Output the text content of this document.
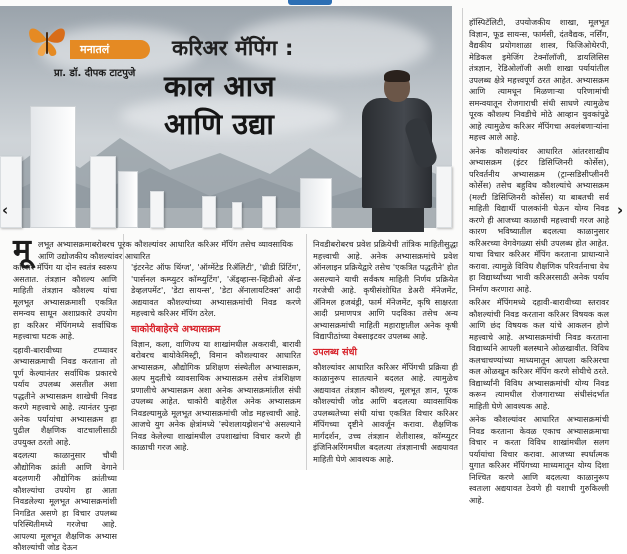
मनातलं
प्रा. डॉ. दीपक टाटपुजे
करिअर मॅपिंग :
काल आज
आणि उद्या
‹	›
मू लभूत अभ्यासक्रमाबरोबरच पूरक कौशल्यांवर आधारित करिअर मॅपिंग तसेच व्यावसायिक आणि उद्योजकीय कौशल्यांवर आधारित

करिअर मॅपिंग या दोन स्वतंत्र स्वरूप असतात. तंत्रज्ञान कौशल्य आणि माहिती तंत्रज्ञान कौशल्य यांचा मूलभूत अभ्यासक्रमाशी एकत्रित समन्वय साधून अशाप्रकारे उपयोग हा करिअर मॅपिंगमध्ये सर्वाधिक महत्त्वाचा घटक आहे.

दहावी-बारावीच्या टप्प्यावर अभ्यासक्रमाची निवड करताना तो पूर्ण केल्यानंतर सर्वाधिक प्रकारचे पर्याय उपलब्ध असतील अशा पद्धतीने अभ्यासक्रम शाखेची निवड करणे महत्त्वाचे आहे. त्यानंतर पुन्हा अनेक पर्यायांचा अभ्यासक्रम हा पुढील शैक्षणिक वाटचालीसाठी उपयुक्त ठरतो आहे.

बदलत्या काळानुसार चौथी औद्योगिक क्रांती आणि वेगाने बदलणारी औद्योगिक क्रांतीच्या कौशल्यांचा उपयोग हा आता निवडलेल्या मूलभूत अभ्यासक्रमांशी निगडित असणे हा विचार उपलब्ध परिस्थितीमध्ये गरजेचा आहे. आपल्या मूलभूत शैक्षणिक अभ्यास कौशल्यांची जोड देऊन

'इंटरनेट ऑफ थिंग्ज', 'ऑग्मेंटेड रिॲलिटी', 'थ्रीडी प्रिंटिंग', 'पार्सनल कम्प्युटर कॉम्प्युटिंग', 'ॲड्व्हान्स-व्हिडीओ ॲन्ड डेव्हलपमेंट', 'डेटा सायन्स', 'डेटा ॲनालायटिक्स' आदी अद्ययावत कौशल्यांच्या अभ्यासक्रमांची निवड करणे महत्त्वाचे करिअर मॅपिंग ठरेल.

चाकोरीबाहेरचे अभ्यासक्रम

विज्ञान, कला, वाणिज्य या शाखांमधील अकरावी, बारावी बरोबरच बायोकेमिस्ट्री, विमान कौशल्यावर आधारित अभ्यासक्रम, औद्योगिक प्रशिक्षण संस्थेतील अभ्यासक्रम, अल्प मुदतीचे व्यावसायिक अभ्यासक्रम तसेच तंत्रशिक्षण प्रणालीचे अभ्यासक्रम अशा अनेक अभ्यासक्रमांतील संधी उपलब्ध आहेत. चाकोरी बाहेरील अनेक अभ्यासक्रम निवडल्यामुळे मूलभूत अभ्यासक्रमांची जोड महत्त्वाची आहे. आजचे युग अनेक क्षेत्रांमध्ये 'स्पेशलायझेशन'चे असल्याने निवड केलेल्या शाखांमधील उपशाखांचा विचार करणे ही काळाची गरज आहे.

निवडीबरोबरच प्रवेश प्रक्रियेची तांत्रिक माहितीसुद्धा महत्त्वाची आहे. अनेक अभ्यासक्रमांचे प्रवेश ऑनलाइन प्रक्रियेद्वारे तसेच 'एकत्रित पद्धतीने' होत असल्याने याची सर्वंकष माहिती निर्णय प्रक्रियेत गरजेची आहे. कृषीसंशोधित डेअरी मॅनेजमेंट, ॲनिमल हजबंड्री, फार्म मॅनेजमेंट, कृषि साक्षरता आदी प्रमाणपत्र आणि पदविका तसेच अन्य अभ्यासक्रमांची माहिती महाराष्ट्रातील अनेक कृषी विद्यापीठांच्या वेबसाइटवर उपलब्ध आहे.

उपलब्ध संधी

कौशल्यांवर आधारित करिअर मॅपिंगची प्रक्रिया ही काळानुरूप सातत्याने बदलत आहे. त्यामुळेच अद्ययावत तंत्रज्ञान कौशल्य, मूलभूत ज्ञान, पूरक कौशल्यांची जोड आणि बदलत्या व्यावसायिक उपलब्धतेच्या संधी यांचा एकत्रित विचार करिअर मॅपिंगच्या दृष्टीने आवर्जून करावा. शैक्षणिक मार्गदर्शन, उच्च तंत्रज्ञान शेतीशास्त्र, कॉम्प्युटर इंजिनिअरिंगमधील बदलत्या तंत्रज्ञानाची अद्ययावत माहिती घेणे आवश्यक आहे.

हॉस्पिटॅलिटी, उपयोजकीय शाखा, मूलभूत विज्ञान, फूड सायन्स, फार्मसी, दंतवैद्यक, नर्सिंग, वैद्यकीय प्रयोगशाळा शास्त्र, फिजिओथेरपी, मेडिकल इमेजिंग टेक्नॉलॉजी, डायलिसिस तंत्रज्ञान, रेडिओलॉजी अशी शाखा पर्यायांतील उपलब्ध क्षेत्रे महत्त्वपूर्ण ठरत आहेत. अभ्यासक्रम आणि त्यामधून मिळणाऱ्या परिणामांची समन्वयातून रोजगाराची संधी साधणे त्यामुळेच पूरक कौशल्य निवडीचे मोठे आव्हान युवकांपुढे आहे त्यामुळेच करिअर मॅपिंगचा अवलंबणाऱ्यांना महत्त्व आले आहे.

अनेक कौशल्यांवर आधारित आंतरशाखीय अभ्यासक्रम (इंटर डिसिप्लिनरी कोर्सेस), परिवर्तनीय अभ्यासक्रम (ट्रान्सडिसीप्लीनरी कोर्सेस) तसेच बहुविध कौशल्यांचे अभ्यासक्रम (मल्टी डिसिप्लिनरी कोर्सेस) या बाबतची सर्व माहिती विद्यार्थी पालकांनी घेऊन योग्य निवड करणे ही आजच्या काळाची महत्त्वाची गरज आहे कारण भविष्यातील बदलत्या काळानुसार करिअरच्या वेगवेगळ्या संधी उपलब्ध होत आहेत. याचा विचार करिअर मॅपिंग करताना प्राधान्याने करावा. त्यामुळे विविध शैक्षणिक परिवर्तनाचा वेध हा विद्यार्थ्यांच्या भावी करिअरसाठी अनेक पर्याय निर्माण करणारा आहे.

करिअर मॅपिंगमध्ये दहावी-बारावीच्या स्तरावर कौशल्यांची निवड करताना करिअर विषयक कल आणि छंद विषयक कल यांचे आकलन होणे महत्त्वाचे आहे. अभ्यासक्रमांची निवड करताना विद्यार्थ्याने आपली बलस्थाने ओळखावीत. विविध कलचाचण्यांच्या माध्यमातून आपला करिअरचा कल ओळखून करिअर मॅपिंग करणे सोयीचे ठरते. विद्यार्थ्यांनी विविध अभ्यासक्रमांची योग्य निवड करून त्यामधील रोजगाराच्या संधीसंदर्भात माहिती घेणे आवश्यक आहे.

अनेक कौशल्यांवर आधारित अभ्यासक्रमांची निवड करताना केवळ एकाच अभ्यासक्रमाचा विचार न करता विविध शाखांमधील सलग पर्यायांचा विचार करावा. आजच्या स्पर्धात्मक युगात करिअर मॅपिंगच्या माध्यमातून योग्य दिशा निश्चित करणे आणि बदलत्या काळानुरूप स्वतःला अद्ययावत ठेवणे ही यशाची गुरुकिल्ली आहे.
